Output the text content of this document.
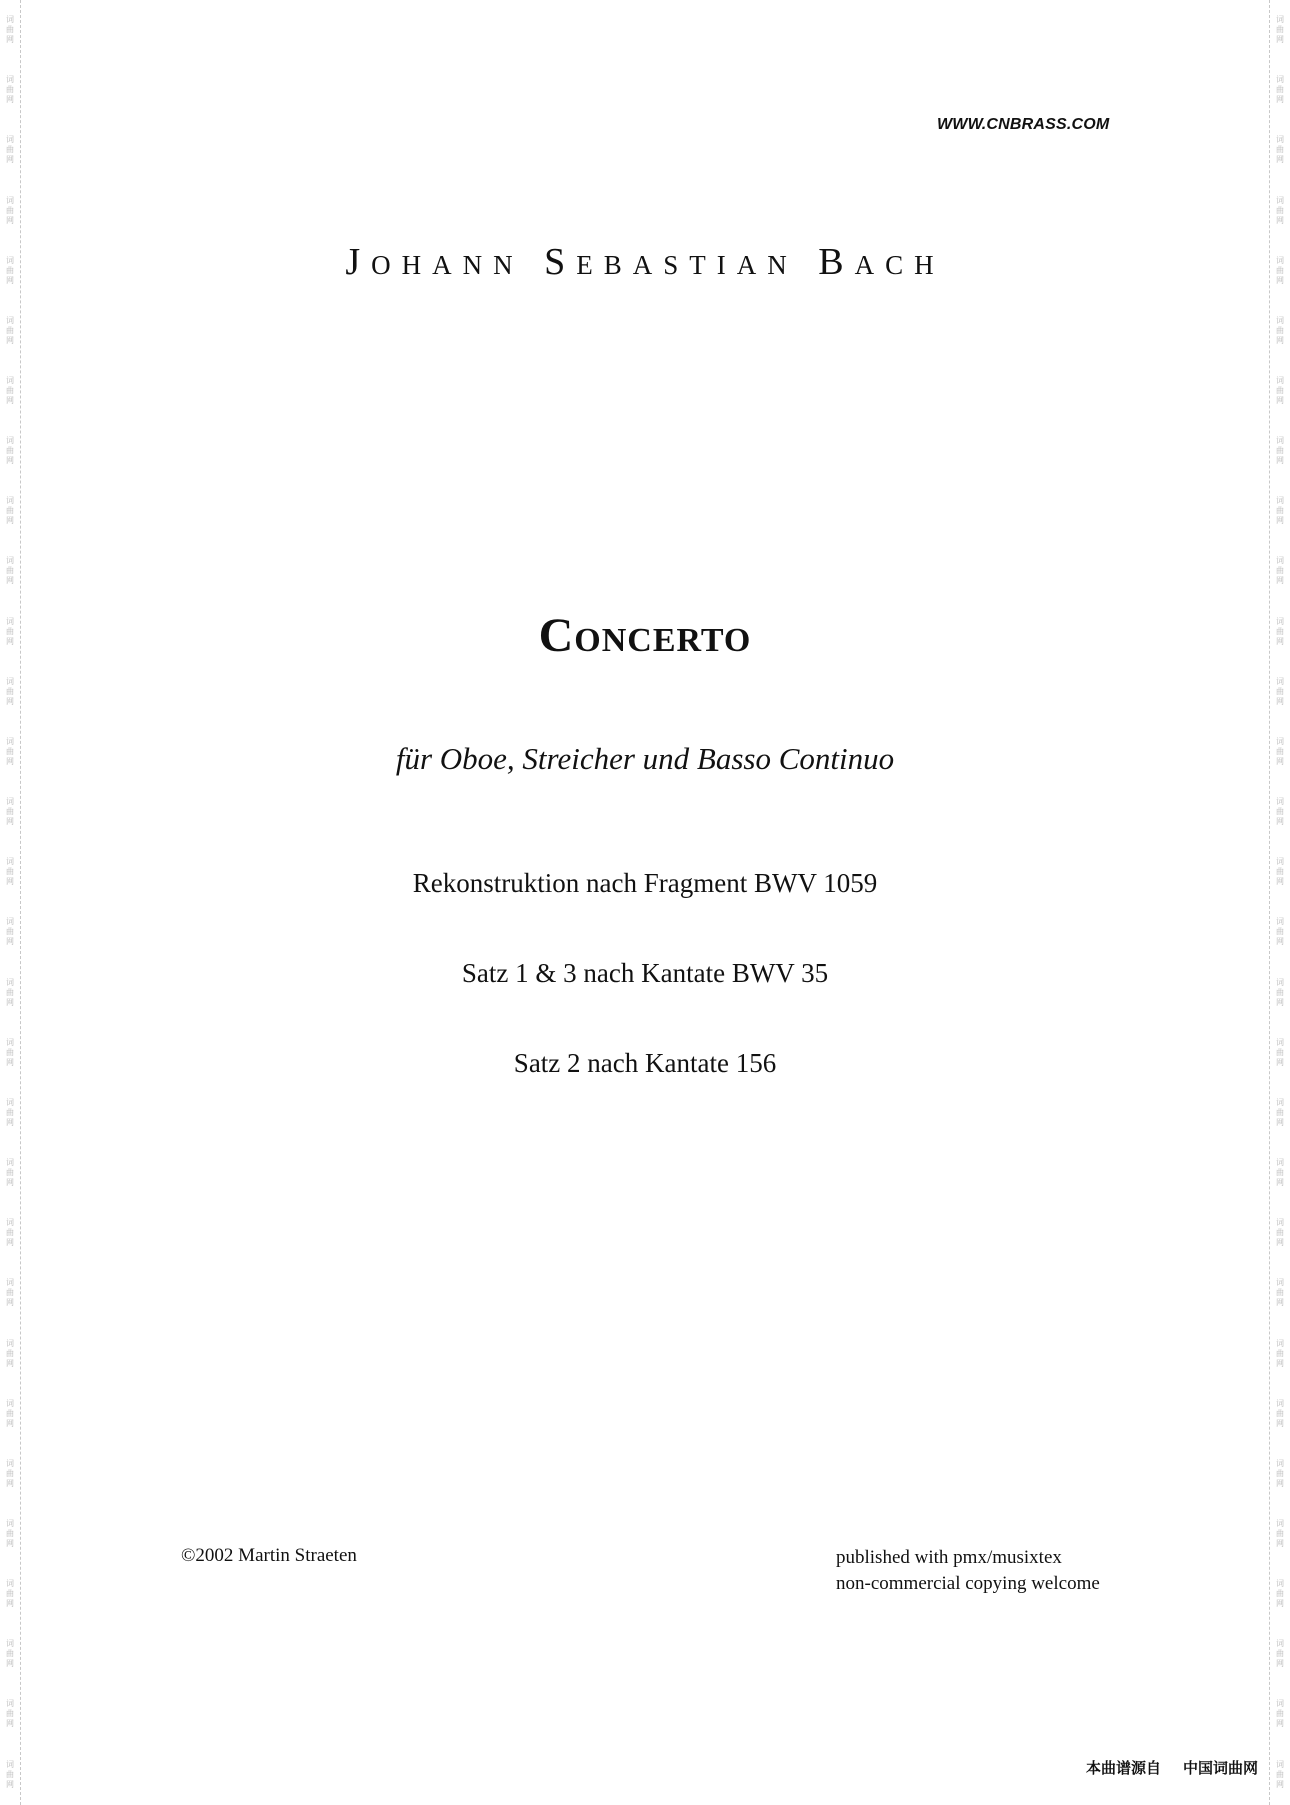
词曲网
词曲网
词曲网
词曲网
词曲网
词曲网
词曲网
词曲网
词曲网
词曲网
词曲网
词曲网
词曲网
词曲网
词曲网
词曲网
词曲网
词曲网
词曲网
词曲网
词曲网
词曲网
词曲网
词曲网
词曲网
词曲网
词曲网
词曲网
词曲网
词曲网
词曲网
词曲网
词曲网
词曲网
词曲网
词曲网
词曲网
词曲网
词曲网
词曲网
词曲网
词曲网
词曲网
词曲网
词曲网
词曲网
词曲网
词曲网
词曲网
词曲网
词曲网
词曲网
词曲网
词曲网
词曲网
词曲网
词曲网
词曲网
词曲网
词曲网
WWW.CNBRASS.COM
Johann Sebastian Bach
Concerto
für Oboe, Streicher und Basso Continuo
Rekonstruktion nach Fragment BWV 1059
Satz 1 & 3 nach Kantate BWV 35
Satz 2 nach Kantate 156
©2002 Martin Straeten	published with pmx/musixtex
non-commercial copying welcome
本曲谱源自 中国词曲网
